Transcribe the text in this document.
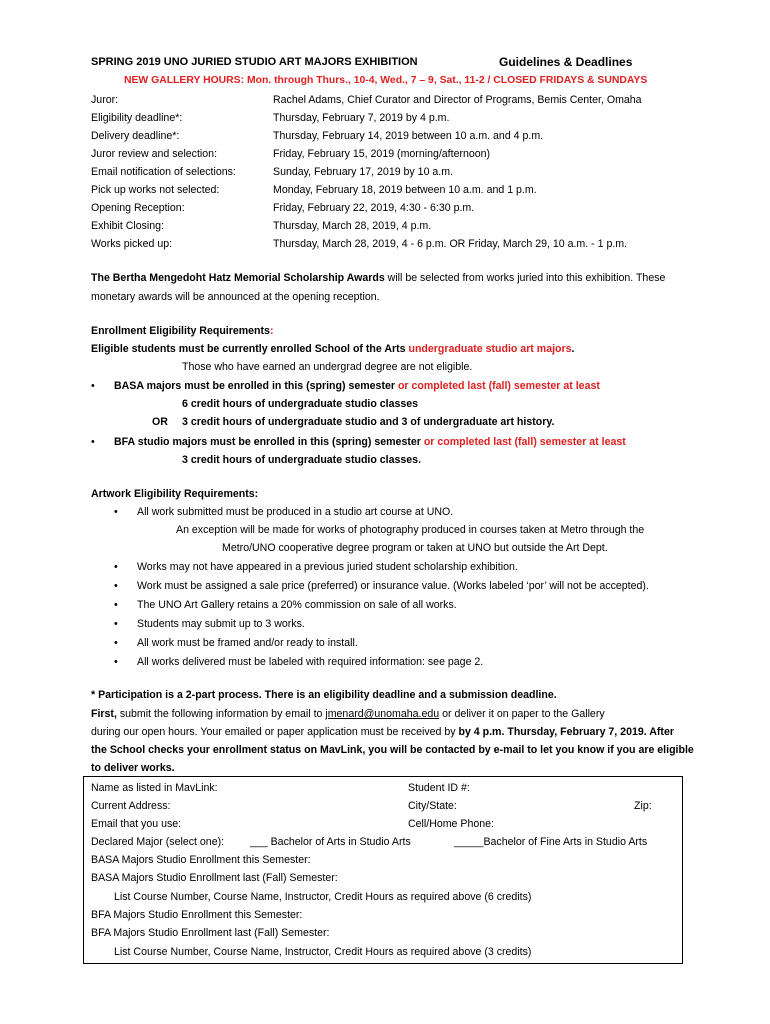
SPRING 2019 UNO JURIED STUDIO ART MAJORS EXHIBITION	Guidelines & Deadlines
NEW GALLERY HOURS: Mon. through Thurs., 10-4, Wed., 7 – 9, Sat., 11-2 / CLOSED FRIDAYS & SUNDAYS
Juror:	Rachel Adams, Chief Curator and Director of Programs, Bemis Center, Omaha
Eligibility deadline*:	Thursday, February 7, 2019 by 4 p.m.
Delivery deadline*:	Thursday, February 14, 2019 between 10 a.m. and 4 p.m.
Juror review and selection:	Friday, February 15, 2019 (morning/afternoon)
Email notification of selections:	Sunday, February 17, 2019 by 10 a.m.
Pick up works not selected:	Monday, February 18, 2019 between 10 a.m. and 1 p.m.
Opening Reception:	Friday, February 22, 2019, 4:30 - 6:30 p.m.
Exhibit Closing:	Thursday, March 28, 2019, 4 p.m.
Works picked up:	Thursday, March 28, 2019, 4 - 6 p.m. OR Friday, March 29, 10 a.m. - 1 p.m.
The Bertha Mengedoht Hatz Memorial Scholarship Awards will be selected from works juried into this exhibition. These
monetary awards will be announced at the opening reception.
Enrollment Eligibility Requirements:
Eligible students must be currently enrolled School of the Arts undergraduate studio art majors.
Those who have earned an undergrad degree are not eligible.
• BASA majors must be enrolled in this (spring) semester or completed last (fall) semester at least
6 credit hours of undergraduate studio classes
OR 3 credit hours of undergraduate studio and 3 of undergraduate art history.
• BFA studio majors must be enrolled in this (spring) semester or completed last (fall) semester at least
3 credit hours of undergraduate studio classes.
Artwork Eligibility Requirements:
• All work submitted must be produced in a studio art course at UNO.
An exception will be made for works of photography produced in courses taken at Metro through the
Metro/UNO cooperative degree program or taken at UNO but outside the Art Dept.
• Works may not have appeared in a previous juried student scholarship exhibition.
• Work must be assigned a sale price (preferred) or insurance value. (Works labeled ‘por’ will not be accepted).
• The UNO Art Gallery retains a 20% commission on sale of all works.
• Students may submit up to 3 works.
• All work must be framed and/or ready to install.
• All works delivered must be labeled with required information: see page 2.
* Participation is a 2-part process. There is an eligibility deadline and a submission deadline.
First, submit the following information by email to jmenard@unomaha.edu or deliver it on paper to the Gallery
during our open hours. Your emailed or paper application must be received by by 4 p.m. Thursday, February 7, 2019. After
the School checks your enrollment status on MavLink, you will be contacted by e-mail to let you know if you are eligible
to deliver works.
Name as listed in MavLink:	Student ID #:
Current Address:	City/State:	Zip:
Email that you use:	Cell/Home Phone:
Declared Major (select one): ___ Bachelor of Arts in Studio Arts	_____Bachelor of Fine Arts in Studio Arts
BASA Majors Studio Enrollment this Semester:
BASA Majors Studio Enrollment last (Fall) Semester:
List Course Number, Course Name, Instructor, Credit Hours as required above (6 credits)
BFA Majors Studio Enrollment this Semester:
BFA Majors Studio Enrollment last (Fall) Semester:
List Course Number, Course Name, Instructor, Credit Hours as required above (3 credits)
